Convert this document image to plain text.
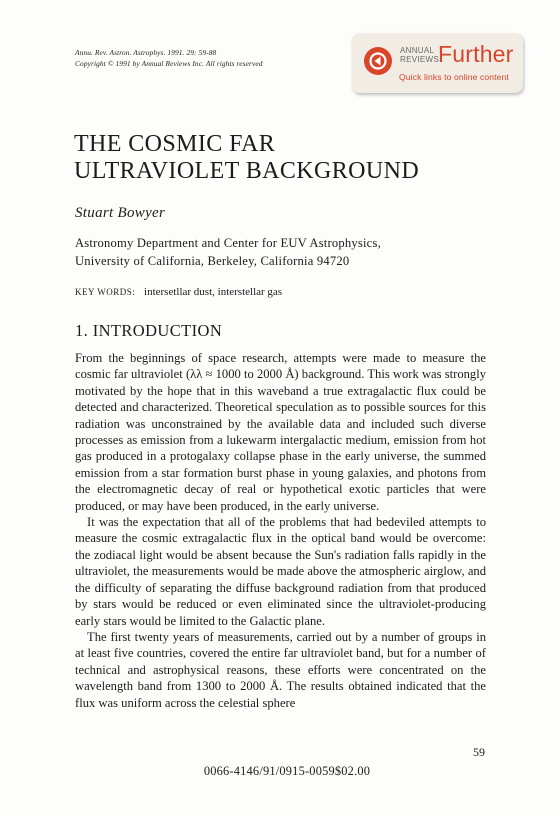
Annu. Rev. Astron. Astrophys. 1991. 29: 59-88
Copyright © 1991 by Annual Reviews Inc. All rights reserved
ANNUAL
REVIEWS Further
Quick links to online content
THE COSMIC FAR
ULTRAVIOLET BACKGROUND
Stuart Bowyer
Astronomy Department and Center for EUV Astrophysics,
University of California, Berkeley, California 94720
KEY WORDS: intersetllar dust, interstellar gas
1. INTRODUCTION

From the beginnings of space research, attempts were made to measure the cosmic far ultraviolet (λλ ≈ 1000 to 2000 Å) background. This work was strongly motivated by the hope that in this waveband a true extragalactic flux could be detected and characterized. Theoretical speculation as to possible sources for this radiation was unconstrained by the available data and included such diverse processes as emission from a lukewarm intergalactic medium, emission from hot gas produced in a protogalaxy collapse phase in the early universe, the summed emission from a star formation burst phase in young galaxies, and photons from the electromagnetic decay of real or hypothetical exotic particles that were produced, or may have been produced, in the early universe.

It was the expectation that all of the problems that had bedeviled attempts to measure the cosmic extragalactic flux in the optical band would be overcome: the zodiacal light would be absent because the Sun's radiation falls rapidly in the ultraviolet, the measurements would be made above the atmospheric airglow, and the difficulty of separating the diffuse background radiation from that produced by stars would be reduced or even eliminated since the ultraviolet-producing early stars would be limited to the Galactic plane.

The first twenty years of measurements, carried out by a number of groups in at least five countries, covered the entire far ultraviolet band, but for a number of technical and astrophysical reasons, these efforts were concentrated on the wavelength band from 1300 to 2000 Å. The results obtained indicated that the flux was uniform across the celestial sphere

59
0066-4146/91/0915-0059$02.00
